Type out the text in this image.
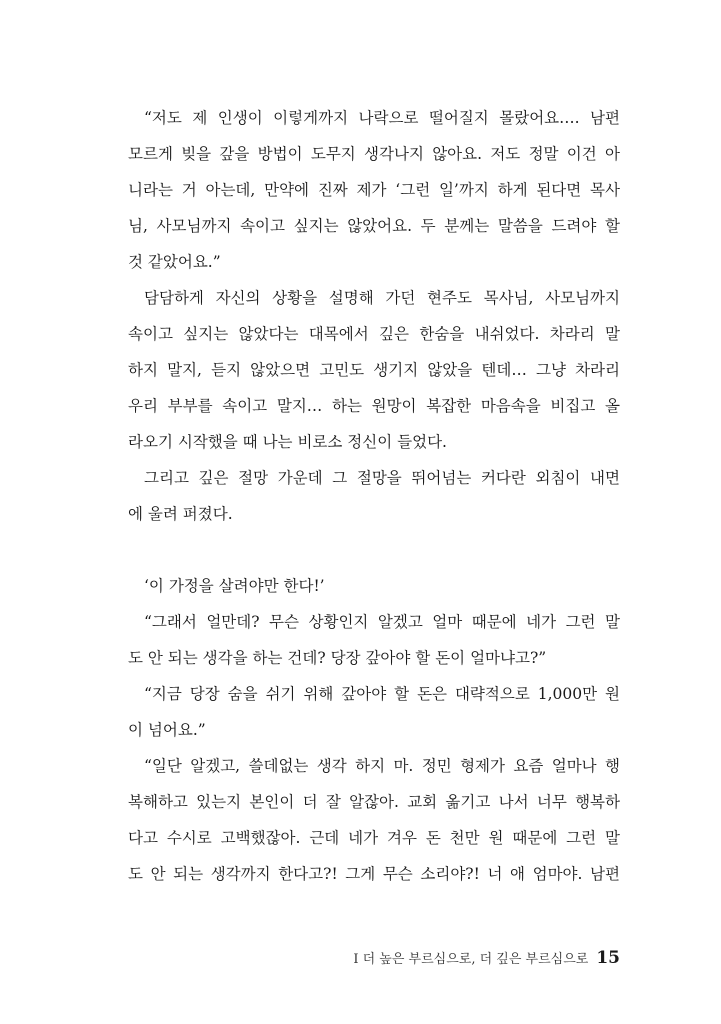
“저도 제 인생이 이렇게까지 나락으로 떨어질지 몰랐어요…. 남편
모르게 빚을 갚을 방법이 도무지 생각나지 않아요. 저도 정말 이건 아
니라는 거 아는데, 만약에 진짜 제가 ‘그런 일’까지 하게 된다면 목사
님, 사모님까지 속이고 싶지는 않았어요. 두 분께는 말씀을 드려야 할
것 같았어요.”
담담하게 자신의 상황을 설명해 가던 현주도 목사님, 사모님까지
속이고 싶지는 않았다는 대목에서 깊은 한숨을 내쉬었다. 차라리 말
하지 말지, 듣지 않았으면 고민도 생기지 않았을 텐데… 그냥 차라리
우리 부부를 속이고 말지… 하는 원망이 복잡한 마음속을 비집고 올
라오기 시작했을 때 나는 비로소 정신이 들었다.
그리고 깊은 절망 가운데 그 절망을 뛰어넘는 커다란 외침이 내면
에 울려 퍼졌다.
‘이 가정을 살려야만 한다!’
“그래서 얼만데? 무슨 상황인지 알겠고 얼마 때문에 네가 그런 말
도 안 되는 생각을 하는 건데? 당장 갚아야 할 돈이 얼마냐고?”
“지금 당장 숨을 쉬기 위해 갚아야 할 돈은 대략적으로 1,000만 원
이 넘어요.”
“일단 알겠고, 쓸데없는 생각 하지 마. 정민 형제가 요즘 얼마나 행
복해하고 있는지 본인이 더 잘 알잖아. 교회 옮기고 나서 너무 행복하
다고 수시로 고백했잖아. 근데 네가 겨우 돈 천만 원 때문에 그런 말
도 안 되는 생각까지 한다고?! 그게 무슨 소리야?! 너 애 엄마야. 남편
I 더 높은 부르심으로, 더 깊은 부르심으로 15
